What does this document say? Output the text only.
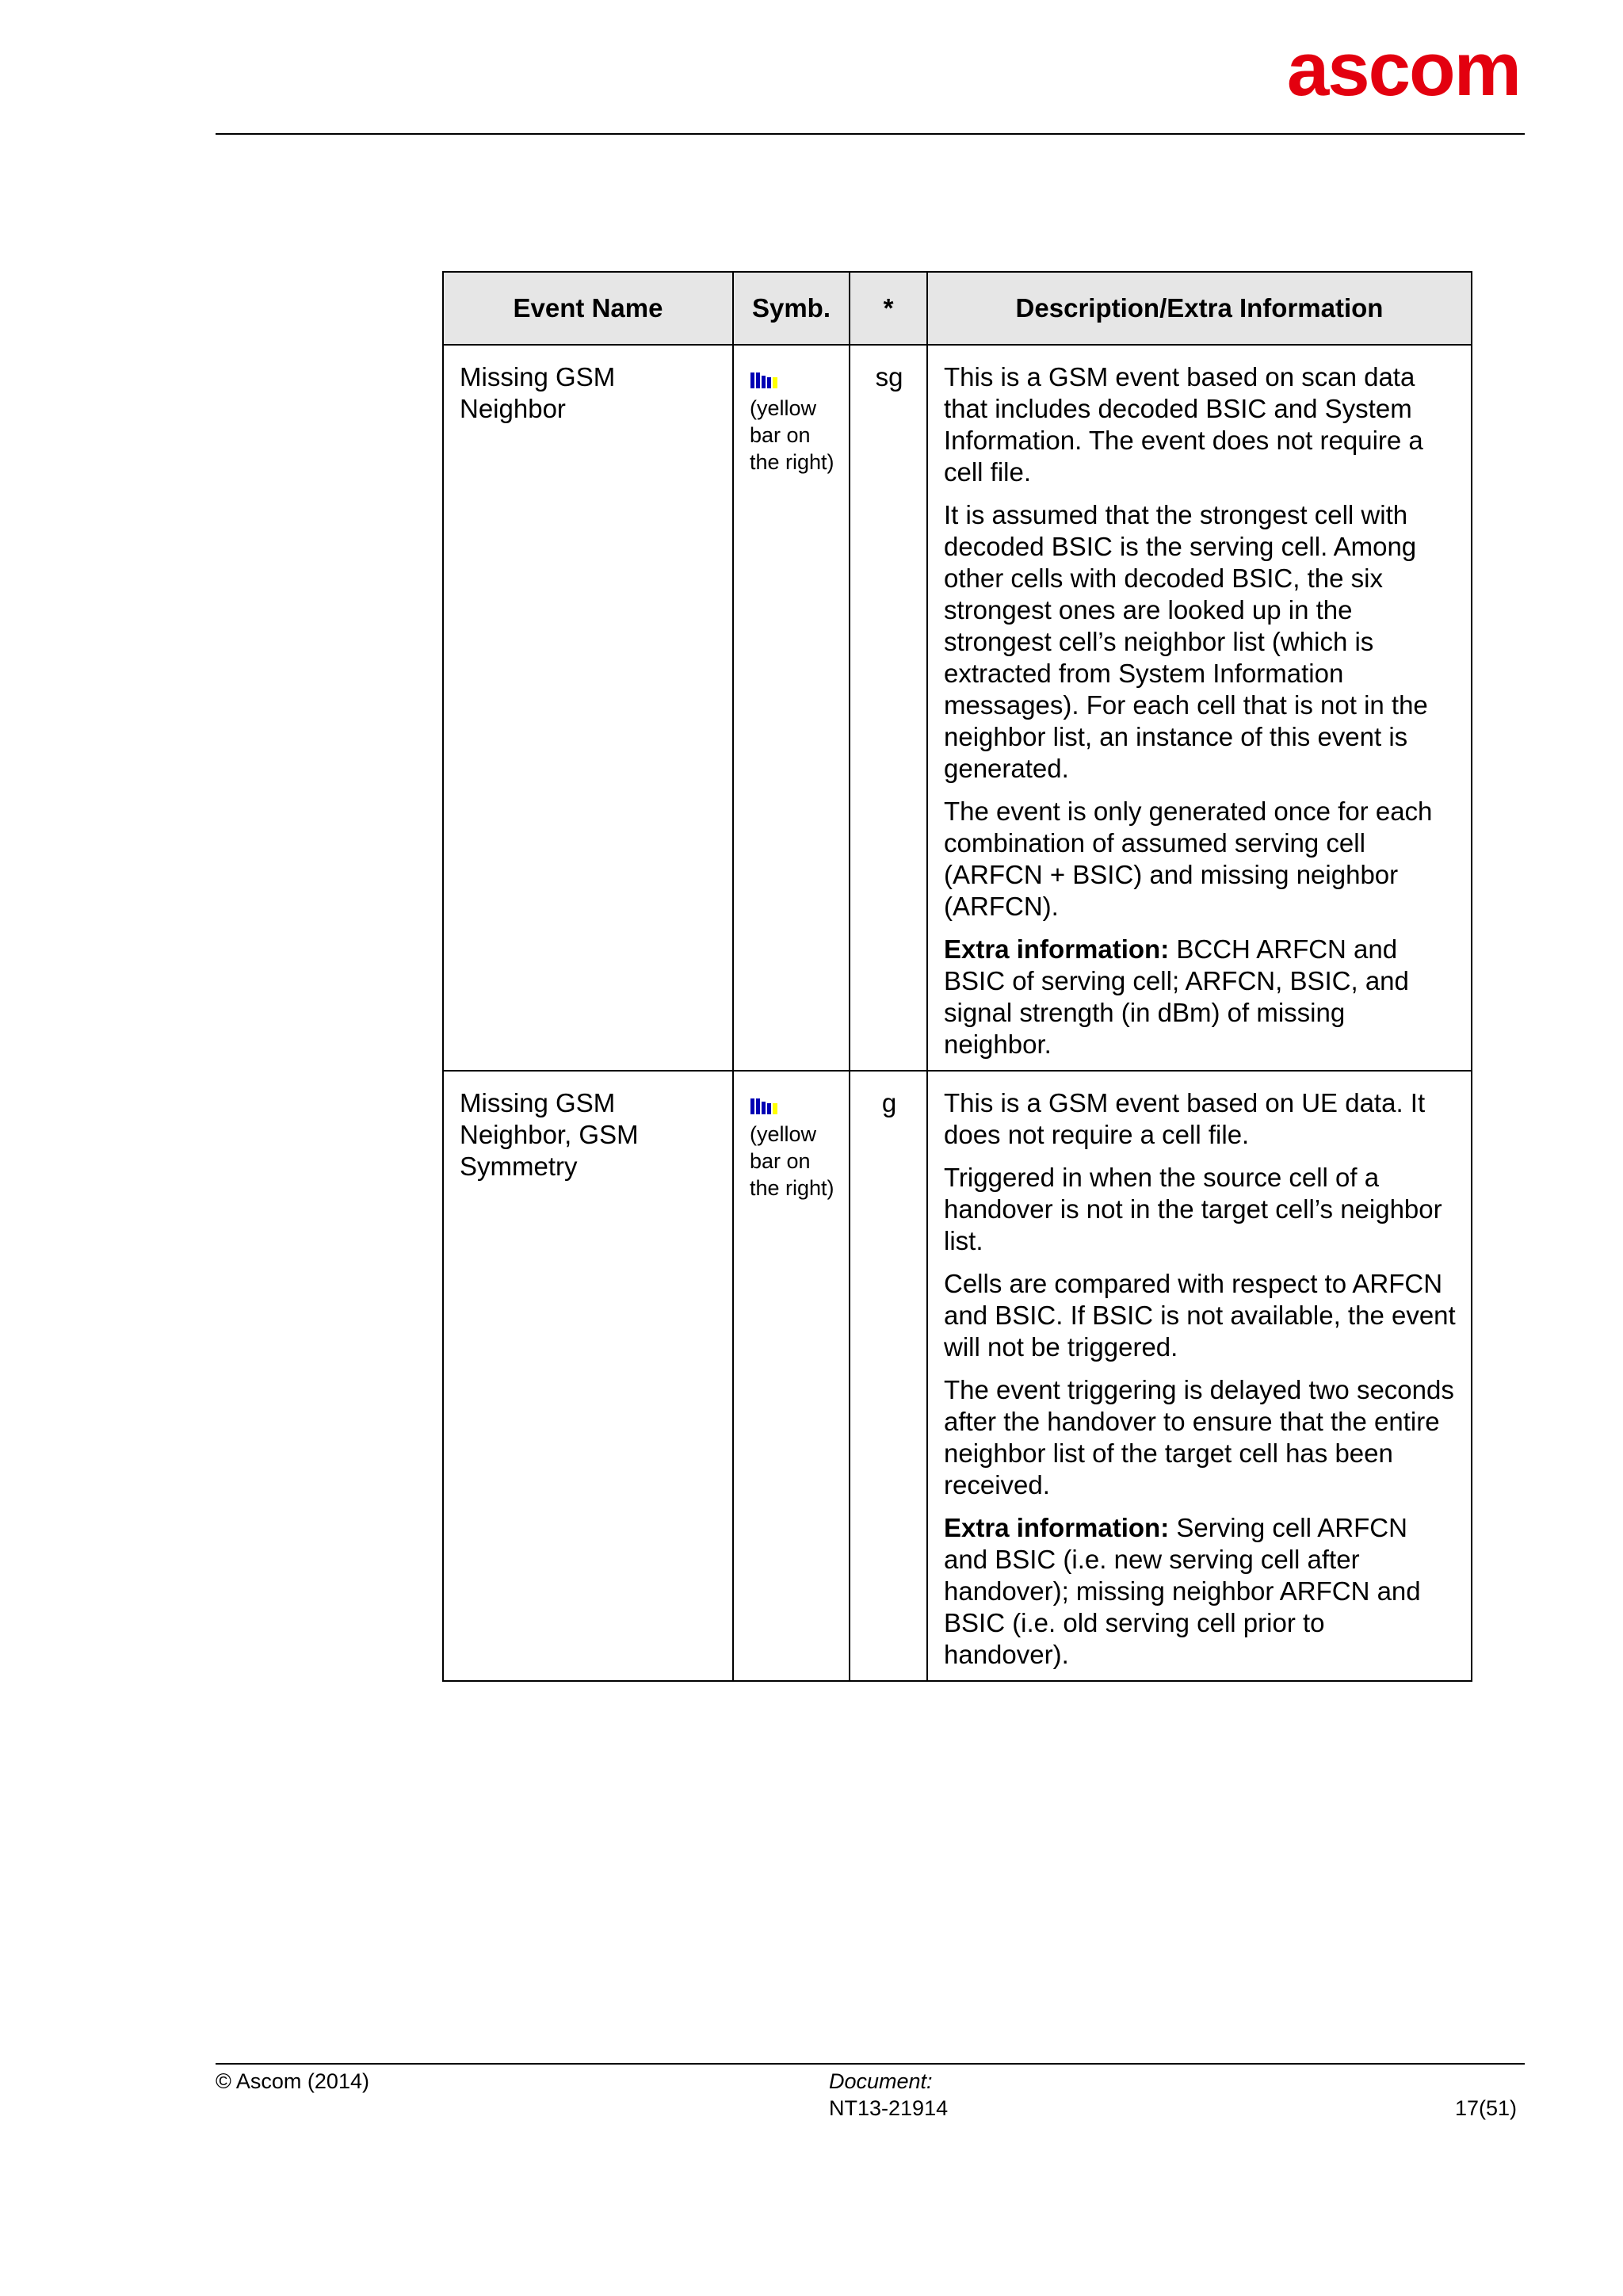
ascom
Event Name	Symb.	*	Description/Extra Information
Missing GSM Neighbor	(yellow bar on the right)	sg	This is a GSM event based on scan data that includes decoded BSIC and System Information. The event does not require a cell file.

It is assumed that the strongest cell with decoded BSIC is the serving cell. Among other cells with decoded BSIC, the six strongest ones are looked up in the strongest cell’s neighbor list (which is extracted from System Information messages). For each cell that is not in the neighbor list, an instance of this event is generated.

The event is only generated once for each combination of assumed serving cell (ARFCN + BSIC) and missing neighbor (ARFCN).

Extra information: BCCH ARFCN and BSIC of serving cell; ARFCN, BSIC, and signal strength (in dBm) of missing neighbor.

Missing GSM Neighbor, GSM Symmetry	(yellow bar on the right)	g	This is a GSM event based on UE data. It does not require a cell file.

Triggered in when the source cell of a handover is not in the target cell’s neighbor list.

Cells are compared with respect to ARFCN and BSIC. If BSIC is not available, the event will not be triggered.

The event triggering is delayed two seconds after the handover to ensure that the entire neighbor list of the target cell has been received.

Extra information: Serving cell ARFCN and BSIC (i.e. new serving cell after handover); missing neighbor ARFCN and BSIC (i.e. old serving cell prior to handover).

© Ascom (2014)	Document:
NT13-21914	17(51)
